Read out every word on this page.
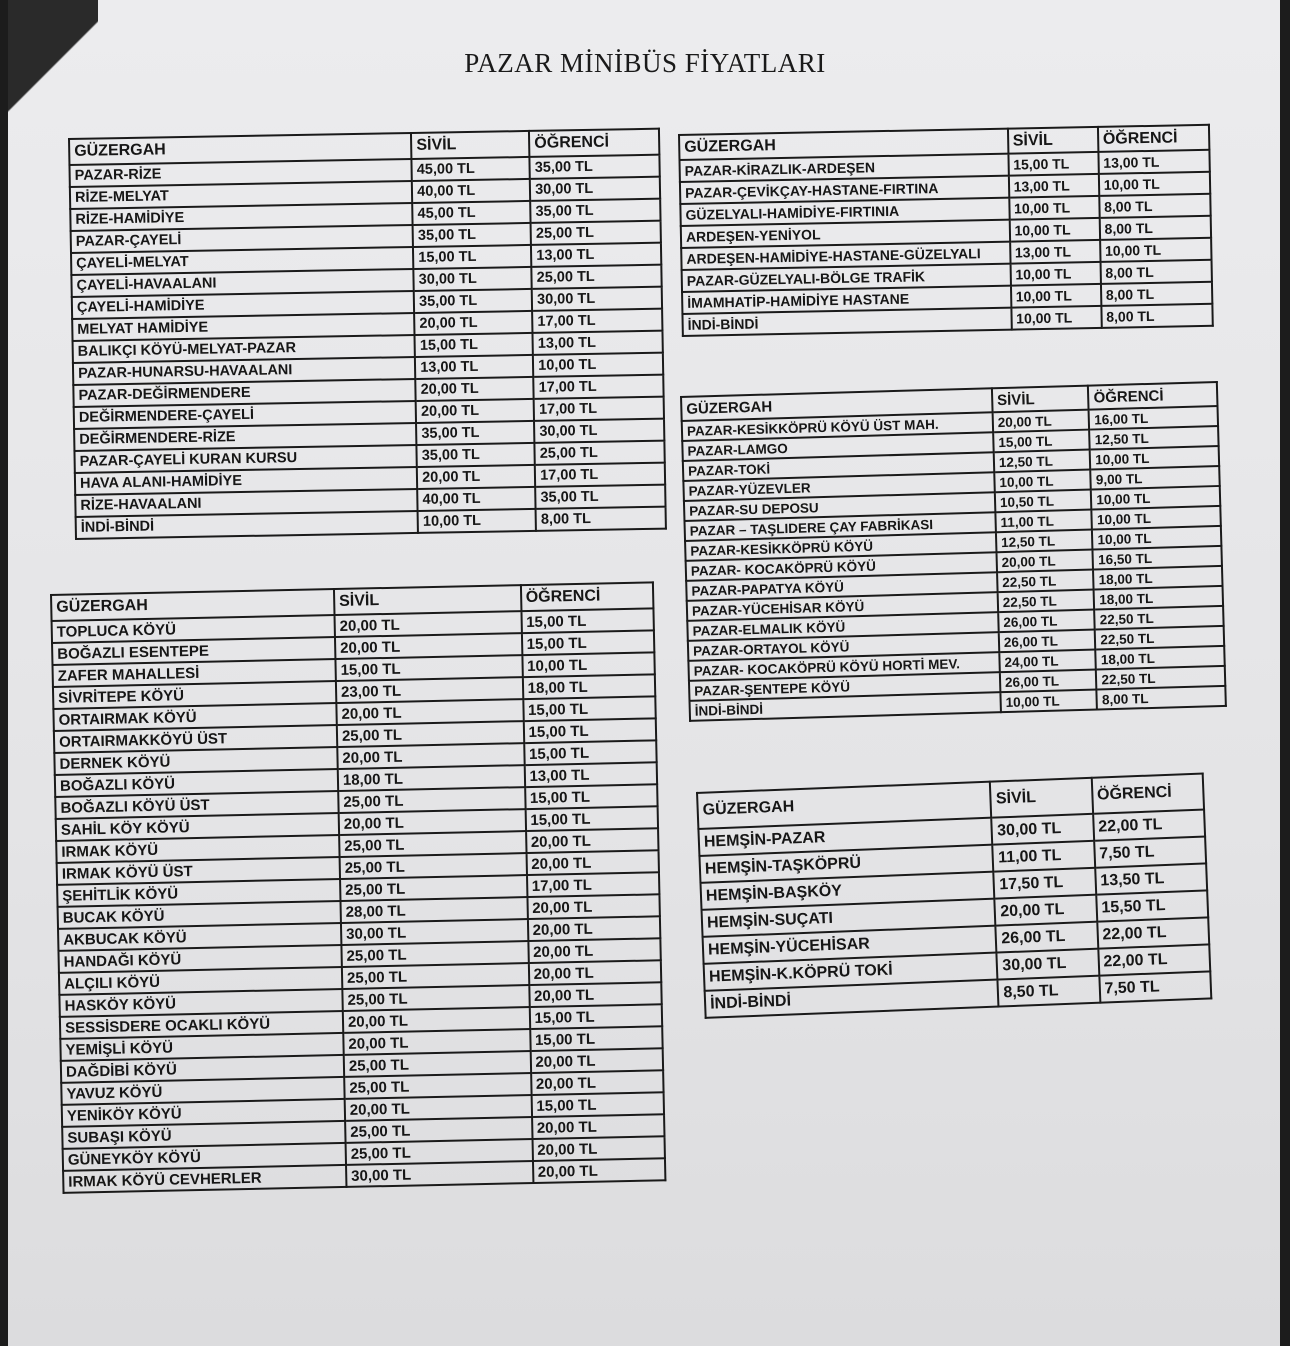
PAZAR MİNİBÜS FİYATLARI
GÜZERGAH	SİVİL	ÖĞRENCİ
PAZAR-RİZE	45,00 TL	35,00 TL
RİZE-MELYAT	40,00 TL	30,00 TL
RİZE-HAMİDİYE	45,00 TL	35,00 TL
PAZAR-ÇAYELİ	35,00 TL	25,00 TL
ÇAYELİ-MELYAT	15,00 TL	13,00 TL
ÇAYELİ-HAVAALANI	30,00 TL	25,00 TL
ÇAYELİ-HAMİDİYE	35,00 TL	30,00 TL
MELYAT HAMİDİYE	20,00 TL	17,00 TL
BALIKÇI KÖYÜ-MELYAT-PAZAR	15,00 TL	13,00 TL
PAZAR-HUNARSU-HAVAALANI	13,00 TL	10,00 TL
PAZAR-DEĞİRMENDERE	20,00 TL	17,00 TL
DEĞİRMENDERE-ÇAYELİ	20,00 TL	17,00 TL
DEĞİRMENDERE-RİZE	35,00 TL	30,00 TL
PAZAR-ÇAYELİ KURAN KURSU	35,00 TL	25,00 TL
HAVA ALANI-HAMİDİYE	20,00 TL	17,00 TL
RİZE-HAVAALANI	40,00 TL	35,00 TL
İNDİ-BİNDİ	10,00 TL	8,00 TL
GÜZERGAH	SİVİL	ÖĞRENCİ
PAZAR-KİRAZLIK-ARDEŞEN	15,00 TL	13,00 TL
PAZAR-ÇEVİKÇAY-HASTANE-FIRTINA	13,00 TL	10,00 TL
GÜZELYALI-HAMİDİYE-FIRTINIA	10,00 TL	8,00 TL
ARDEŞEN-YENİYOL	10,00 TL	8,00 TL
ARDEŞEN-HAMİDİYE-HASTANE-GÜZELYALI	13,00 TL	10,00 TL
PAZAR-GÜZELYALI-BÖLGE TRAFİK	10,00 TL	8,00 TL
İMAMHATİP-HAMİDİYE HASTANE	10,00 TL	8,00 TL
İNDİ-BİNDİ	10,00 TL	8,00 TL
GÜZERGAH	SİVİL	ÖĞRENCİ
PAZAR-KESİKKÖPRÜ KÖYÜ ÜST MAH.	20,00 TL	16,00 TL
PAZAR-LAMGO	15,00 TL	12,50 TL
PAZAR-TOKİ	12,50 TL	10,00 TL
PAZAR-YÜZEVLER	10,00 TL	9,00 TL
PAZAR-SU DEPOSU	10,50 TL	10,00 TL
PAZAR – TAŞLIDERE ÇAY FABRİKASI	11,00 TL	10,00 TL
PAZAR-KESİKKÖPRÜ KÖYÜ	12,50 TL	10,00 TL
PAZAR- KOCAKÖPRÜ KÖYÜ	20,00 TL	16,50 TL
PAZAR-PAPATYA KÖYÜ	22,50 TL	18,00 TL
PAZAR-YÜCEHİSAR KÖYÜ	22,50 TL	18,00 TL
PAZAR-ELMALIK KÖYÜ	26,00 TL	22,50 TL
PAZAR-ORTAYOL KÖYÜ	26,00 TL	22,50 TL
PAZAR- KOCAKÖPRÜ KÖYÜ HORTİ MEV.	24,00 TL	18,00 TL
PAZAR-ŞENTEPE KÖYÜ	26,00 TL	22,50 TL
İNDİ-BİNDİ	10,00 TL	8,00 TL
GÜZERGAH	SİVİL	ÖĞRENCİ
TOPLUCA KÖYÜ	20,00 TL	15,00 TL
BOĞAZLI ESENTEPE	20,00 TL	15,00 TL
ZAFER MAHALLESİ	15,00 TL	10,00 TL
SİVRİTEPE KÖYÜ	23,00 TL	18,00 TL
ORTAIRMAK KÖYÜ	20,00 TL	15,00 TL
ORTAIRMAKKÖYÜ ÜST	25,00 TL	15,00 TL
DERNEK KÖYÜ	20,00 TL	15,00 TL
BOĞAZLI KÖYÜ	18,00 TL	13,00 TL
BOĞAZLI KÖYÜ ÜST	25,00 TL	15,00 TL
SAHİL KÖY KÖYÜ	20,00 TL	15,00 TL
IRMAK KÖYÜ	25,00 TL	20,00 TL
IRMAK KÖYÜ ÜST	25,00 TL	20,00 TL
ŞEHİTLİK KÖYÜ	25,00 TL	17,00 TL
BUCAK KÖYÜ	28,00 TL	20,00 TL
AKBUCAK KÖYÜ	30,00 TL	20,00 TL
HANDAĞI KÖYÜ	25,00 TL	20,00 TL
ALÇILI KÖYÜ	25,00 TL	20,00 TL
HASKÖY KÖYÜ	25,00 TL	20,00 TL
SESSİSDERE OCAKLI KÖYÜ	20,00 TL	15,00 TL
YEMİŞLİ KÖYÜ	20,00 TL	15,00 TL
DAĞDİBİ KÖYÜ	25,00 TL	20,00 TL
YAVUZ KÖYÜ	25,00 TL	20,00 TL
YENİKÖY KÖYÜ	20,00 TL	15,00 TL
SUBAŞI KÖYÜ	25,00 TL	20,00 TL
GÜNEYKÖY KÖYÜ	25,00 TL	20,00 TL
IRMAK KÖYÜ CEVHERLER	30,00 TL	20,00 TL
GÜZERGAH	SİVİL	ÖĞRENCİ
HEMŞİN-PAZAR	30,00 TL	22,00 TL
HEMŞİN-TAŞKÖPRÜ	11,00 TL	7,50 TL
HEMŞİN-BAŞKÖY	17,50 TL	13,50 TL
HEMŞİN-SUÇATI	20,00 TL	15,50 TL
HEMŞİN-YÜCEHİSAR	26,00 TL	22,00 TL
HEMŞİN-K.KÖPRÜ TOKİ	30,00 TL	22,00 TL
İNDİ-BİNDİ	8,50 TL	7,50 TL
